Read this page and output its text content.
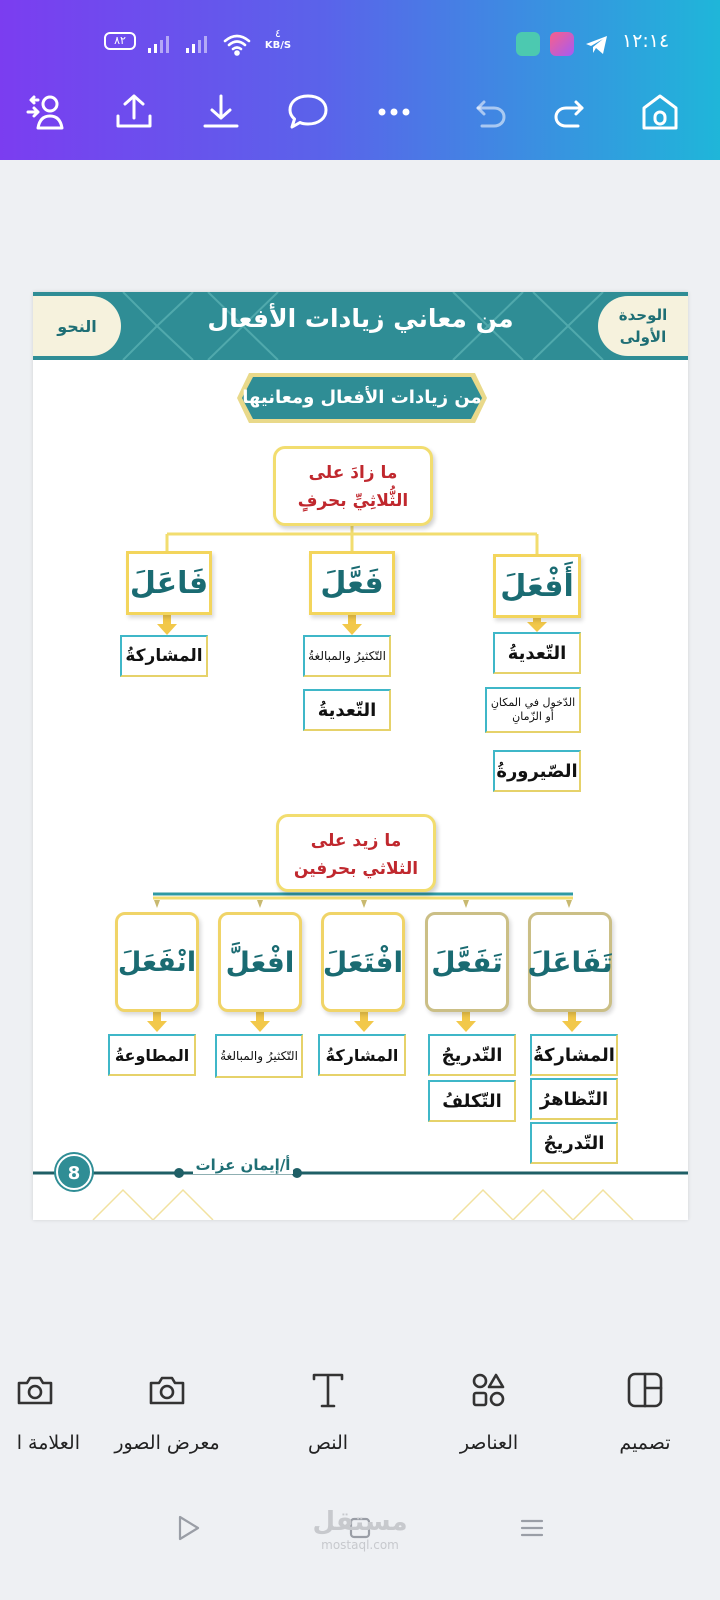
٨٢
٤
KB/S	١٢:١٤
النحو	من معاني زيادات الأفعال	الوحدة
الأولى
من زيادات الأفعال ومعانيها
ما زادَ على
الثُّلاثِيِّ بحرفٍ
أَفْعَلَ
فَعَّلَ
فَاعَلَ
التّعديةُ
الدّخول في المكانِ أو الزّمانِ
الصّيرورةُ
التّكثيرُ والمبالغةُ
التّعديةُ
المشاركةُ
ما زيد على
الثلاثي بحرفين
تَفَاعَلَ
تَفَعَّلَ
افْتَعَلَ
افْعَلَّ
انْفَعَلَ
المشاركةُ
التّظاهرُ
التّدريجُ
التّدريجُ
التّكلفُ
المشاركةُ
التّكثيرُ والمبالغةُ
المطاوعةُ
8	أ/إيمان عزات
تصميم
العناصر
النص
معرض الصور
العلامة ا
مستقل
mostaql.com
